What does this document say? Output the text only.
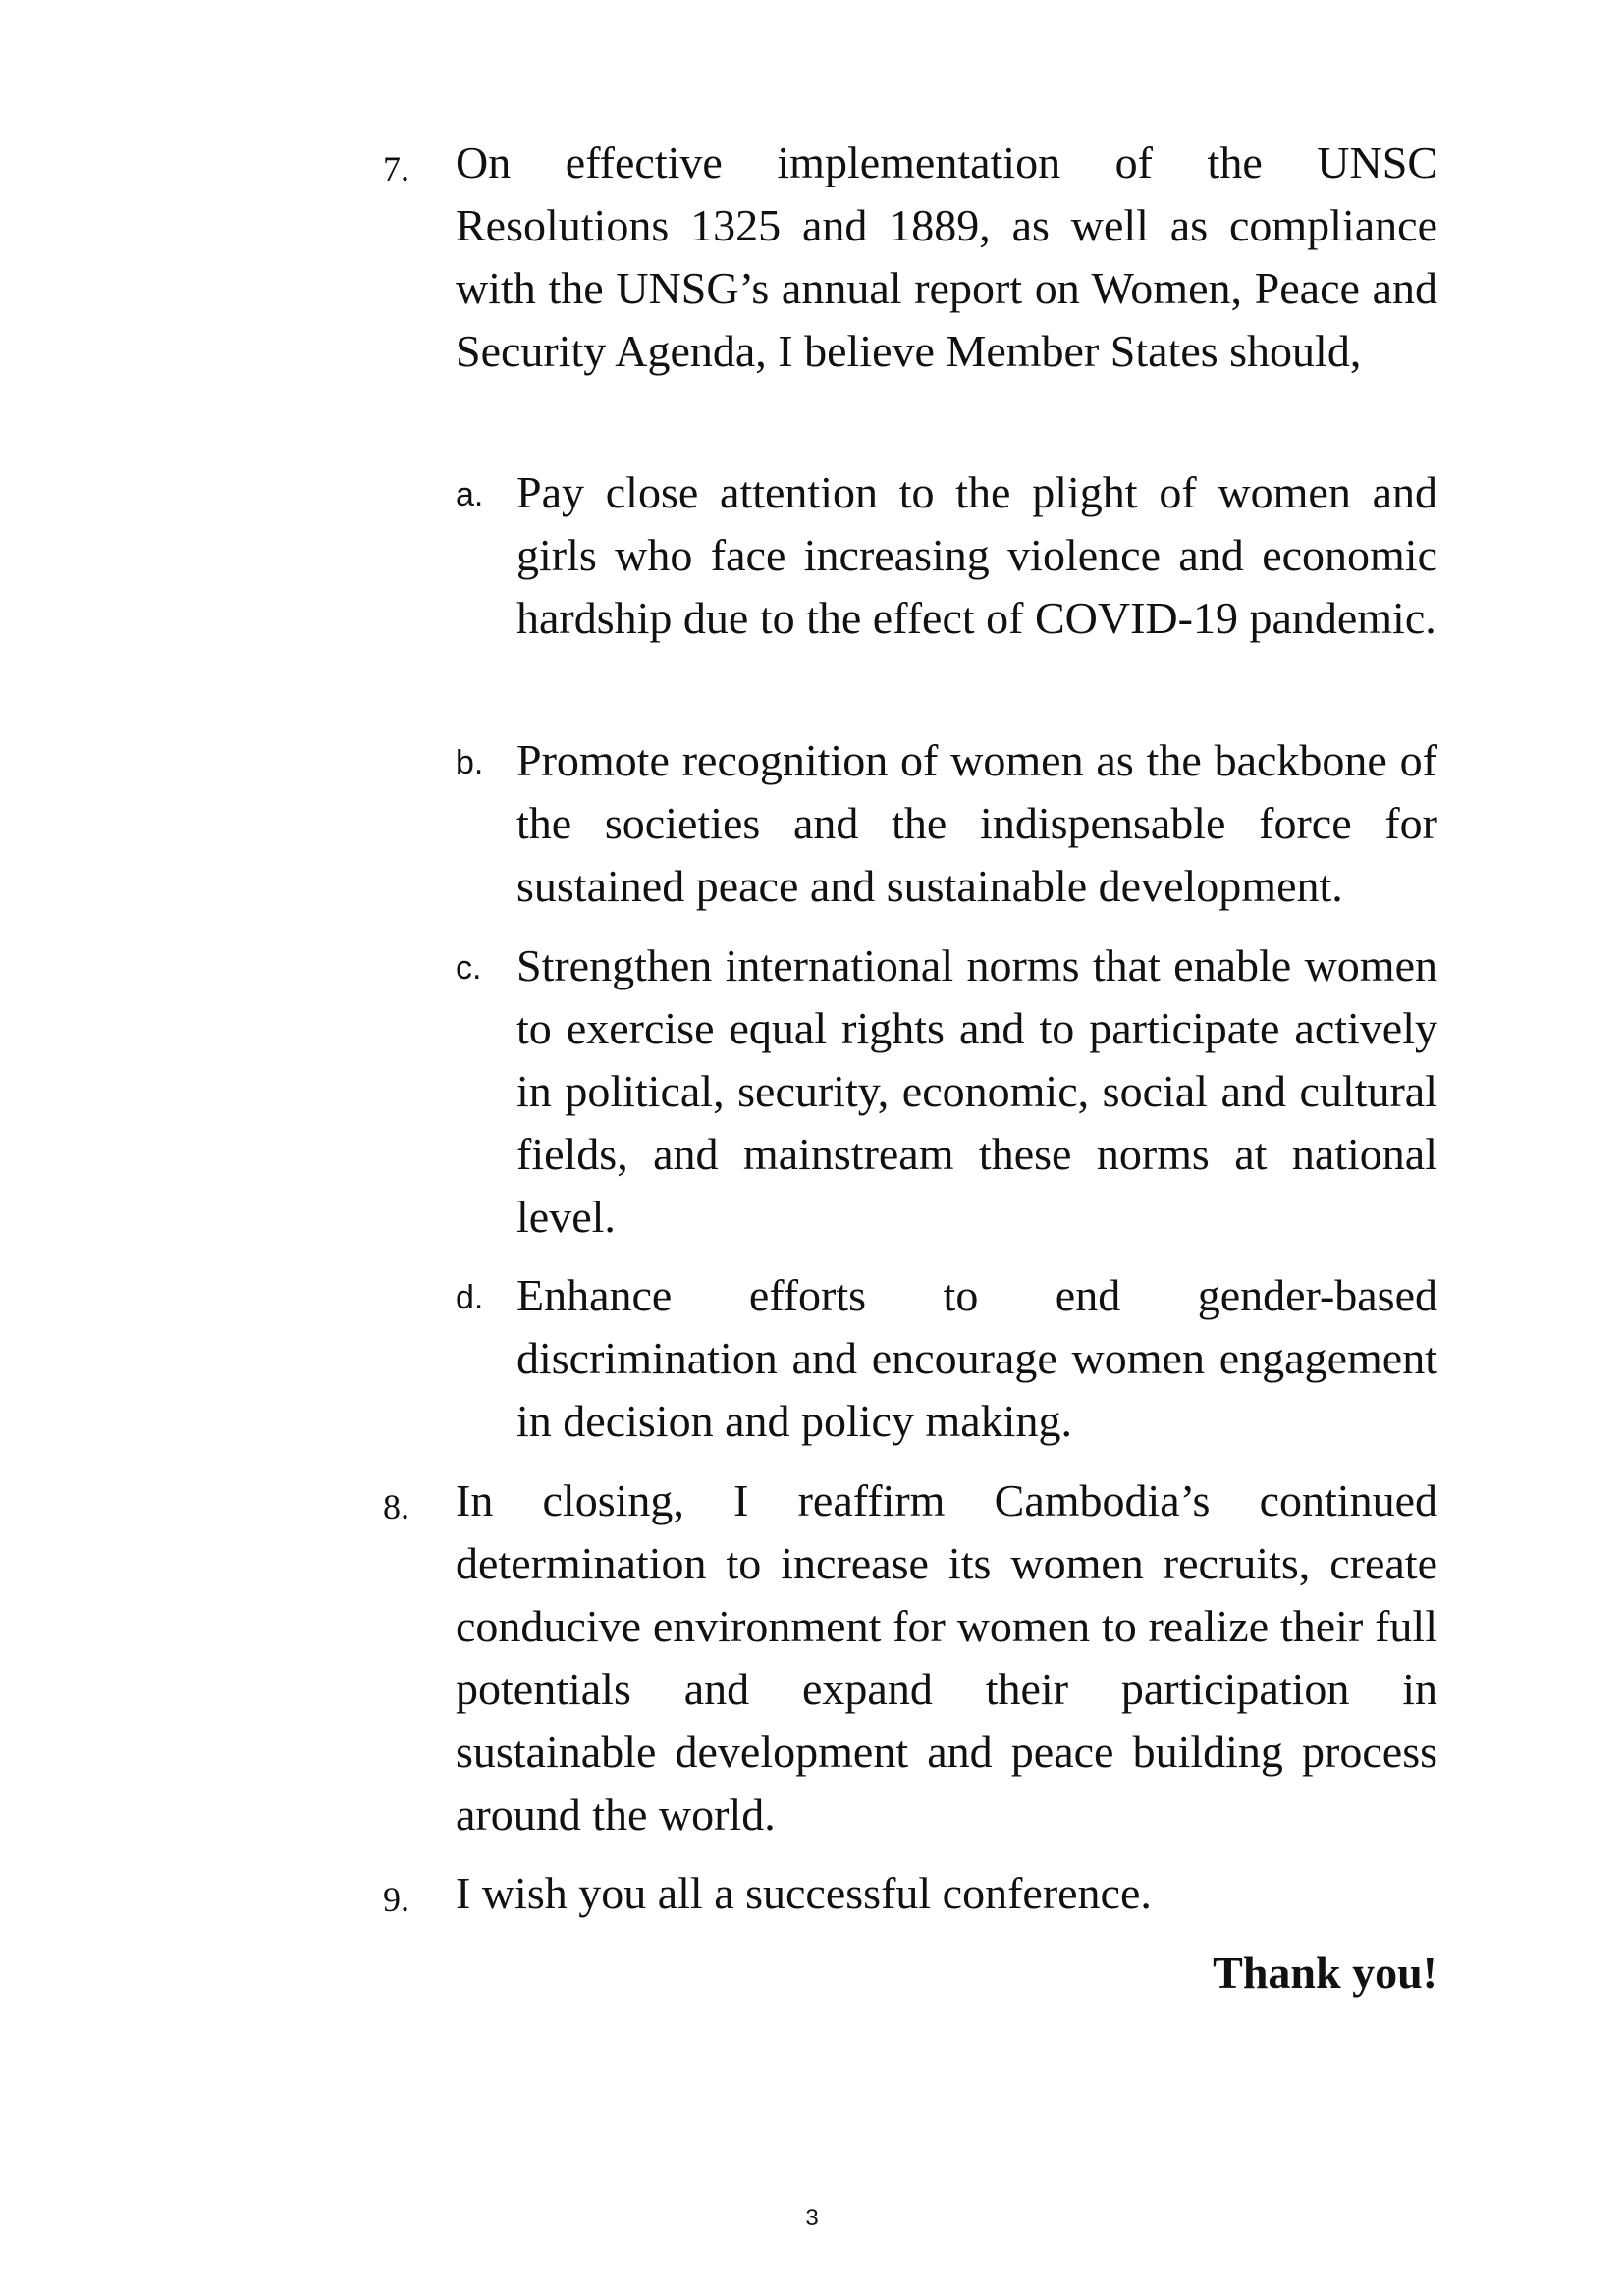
7.	On effective implementation of the UNSC Resolutions 1325 and 1889, as well as compliance with the UNSG’s annual report on Women, Peace and Security Agenda, I believe Member States should,
a. Pay close attention to the plight of women and girls who face increasing violence and economic hardship due to the effect of COVID-19 pandemic.
b. Promote recognition of women as the backbone of the societies and the indispensable force for sustained peace and sustainable development.
c. Strengthen international norms that enable women to exercise equal rights and to participate actively in political, security, economic, social and cultural fields, and mainstream these norms at national level.
d. Enhance efforts to end gender-based discrimination and encourage women engagement in decision and policy making.
8.	In closing, I reaffirm Cambodia’s continued determination to increase its women recruits, create conducive environment for women to realize their full potentials and expand their participation in sustainable development and peace building process around the world.
9.	I wish you all a successful conference.
Thank you!
3
